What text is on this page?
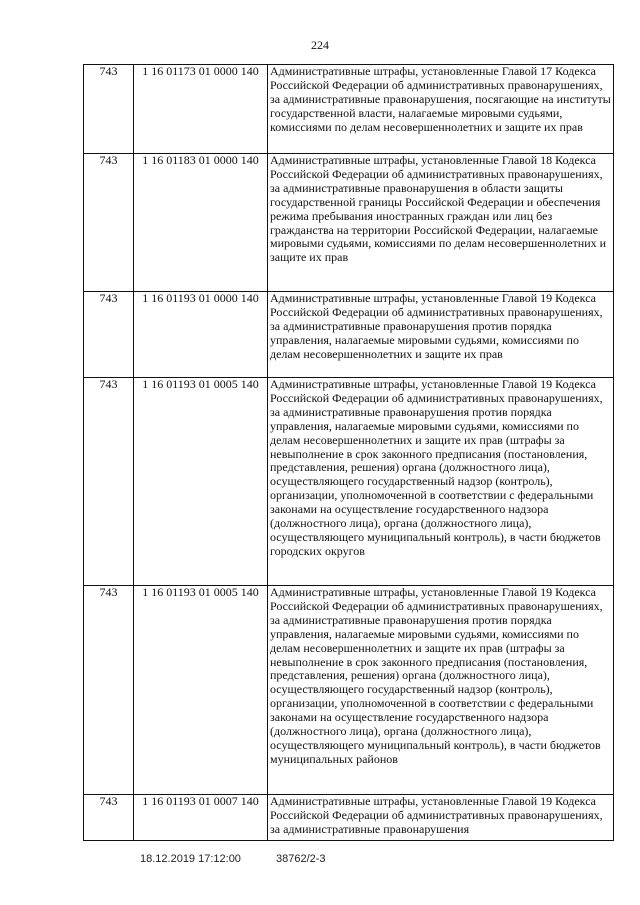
224
743	1 16 01173 01 0000 140	Административные штрафы, установленные Главой 17 Кодекса Российской Федерации об административных правонарушениях, за административные правонарушения, посягающие на институты государственной власти, налагаемые мировыми судьями, комиссиями по делам несовершеннолетних и защите их прав
743	1 16 01183 01 0000 140	Административные штрафы, установленные Главой 18 Кодекса Российской Федерации об административных правонарушениях, за административные правонарушения в области защиты государственной границы Российской Федерации и обеспечения режима пребывания иностранных граждан или лиц без гражданства на территории Российской Федерации, налагаемые мировыми судьями, комиссиями по делам несовершеннолетних и защите их прав
743	1 16 01193 01 0000 140	Административные штрафы, установленные Главой 19 Кодекса Российской Федерации об административных правонарушениях, за административные правонарушения против порядка управления, налагаемые мировыми судьями, комиссиями по делам несовершеннолетних и защите их прав
743	1 16 01193 01 0005 140	Административные штрафы, установленные Главой 19 Кодекса Российской Федерации об административных правонарушениях, за административные правонарушения против порядка управления, налагаемые мировыми судьями, комиссиями по делам несовершеннолетних и защите их прав (штрафы за невыполнение в срок законного предписания (постановления, представления, решения) органа (должностного лица), осуществляющего государственный надзор (контроль), организации, уполномоченной в соответствии с федеральными законами на осуществление государственного надзора (должностного лица), органа (должностного лица), осуществляющего муниципальный контроль), в части бюджетов городских округов
743	1 16 01193 01 0005 140	Административные штрафы, установленные Главой 19 Кодекса Российской Федерации об административных правонарушениях, за административные правонарушения против порядка управления, налагаемые мировыми судьями, комиссиями по делам несовершеннолетних и защите их прав (штрафы за невыполнение в срок законного предписания (постановления, представления, решения) органа (должностного лица), осуществляющего государственный надзор (контроль), организации, уполномоченной в соответствии с федеральными законами на осуществление государственного надзора (должностного лица), органа (должностного лица), осуществляющего муниципальный контроль), в части бюджетов муниципальных районов
743	1 16 01193 01 0007 140	Административные штрафы, установленные Главой 19 Кодекса Российской Федерации об административных правонарушениях, за административные правонарушения
18.12.2019 17:12:00	38762/2-3
